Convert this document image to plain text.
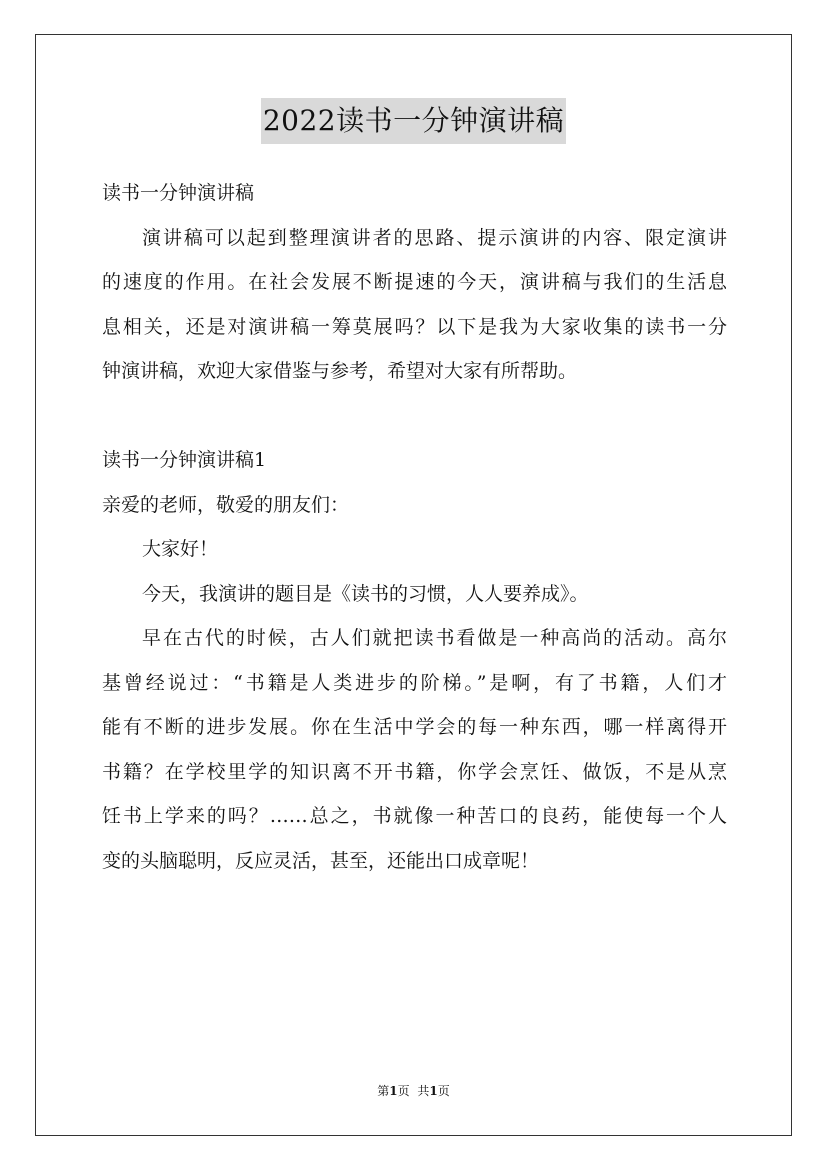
2022读书一分钟演讲稿
读书一分钟演讲稿
演讲稿可以起到整理演讲者的思路、提示演讲的内容、限定演讲
的速度的作用。在社会发展不断提速的今天，演讲稿与我们的生活息
息相关，还是对演讲稿一筹莫展吗？以下是我为大家收集的读书一分
钟演讲稿，欢迎大家借鉴与参考，希望对大家有所帮助。
读书一分钟演讲稿1
亲爱的老师，敬爱的朋友们：
大家好！
今天，我演讲的题目是《读书的习惯，人人要养成》。
早在古代的时候，古人们就把读书看做是一种高尚的活动。高尔
基曾经说过：“书籍是人类进步的阶梯。”是啊，有了书籍，人们才
能有不断的进步发展。你在生活中学会的每一种东西，哪一样离得开
书籍？在学校里学的知识离不开书籍，你学会烹饪、做饭，不是从烹
饪书上学来的吗？……总之，书就像一种苦口的良药，能使每一个人
变的头脑聪明，反应灵活，甚至，还能出口成章呢！
第1页 共1页
